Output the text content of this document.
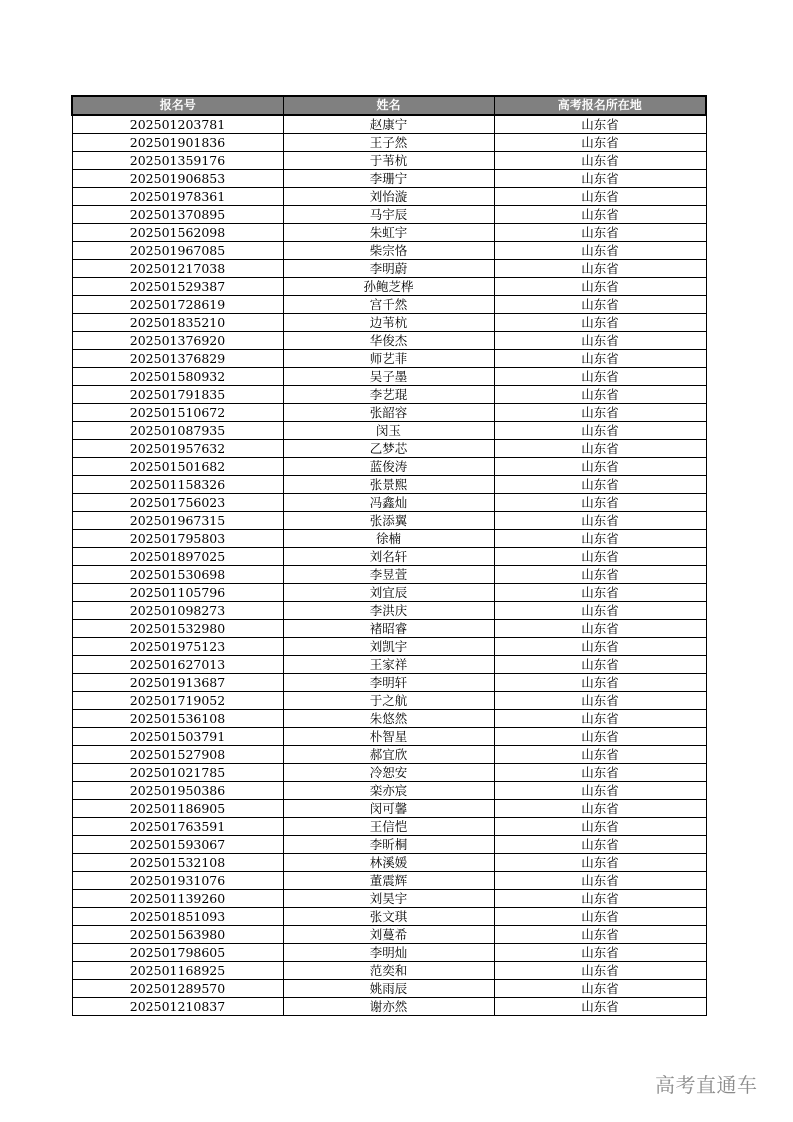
报名号	姓名	高考报名所在地
202501203781	赵康宁	山东省
202501901836	王子然	山东省
202501359176	于苇杭	山东省
202501906853	李珊宁	山东省
202501978361	刘怡漩	山东省
202501370895	马宇辰	山东省
202501562098	朱虹宇	山东省
202501967085	柴宗恪	山东省
202501217038	李明蔚	山东省
202501529387	孙鲍芝桦	山东省
202501728619	宫千然	山东省
202501835210	边苇杭	山东省
202501376920	华俊杰	山东省
202501376829	师艺菲	山东省
202501580932	吴子墨	山东省
202501791835	李艺琨	山东省
202501510672	张韶容	山东省
202501087935	闵玉	山东省
202501957632	乙梦芯	山东省
202501501682	蓝俊涛	山东省
202501158326	张景熙	山东省
202501756023	冯鑫灿	山东省
202501967315	张添翼	山东省
202501795803	徐楠	山东省
202501897025	刘名轩	山东省
202501530698	李昱萱	山东省
202501105796	刘宜辰	山东省
202501098273	李洪庆	山东省
202501532980	褚昭睿	山东省
202501975123	刘凯宇	山东省
202501627013	王家祥	山东省
202501913687	李明轩	山东省
202501719052	于之航	山东省
202501536108	朱悠然	山东省
202501503791	朴智星	山东省
202501527908	郝宜欣	山东省
202501021785	冷恕安	山东省
202501950386	栾亦宸	山东省
202501186905	闵可馨	山东省
202501763591	王信恺	山东省
202501593067	李昕桐	山东省
202501532108	林溪媛	山东省
202501931076	董震辉	山东省
202501139260	刘昊宇	山东省
202501851093	张文琪	山东省
202501563980	刘蔓希	山东省
202501798605	李明灿	山东省
202501168925	范奕和	山东省
202501289570	姚雨辰	山东省
202501210837	谢亦然	山东省
高考直通车
